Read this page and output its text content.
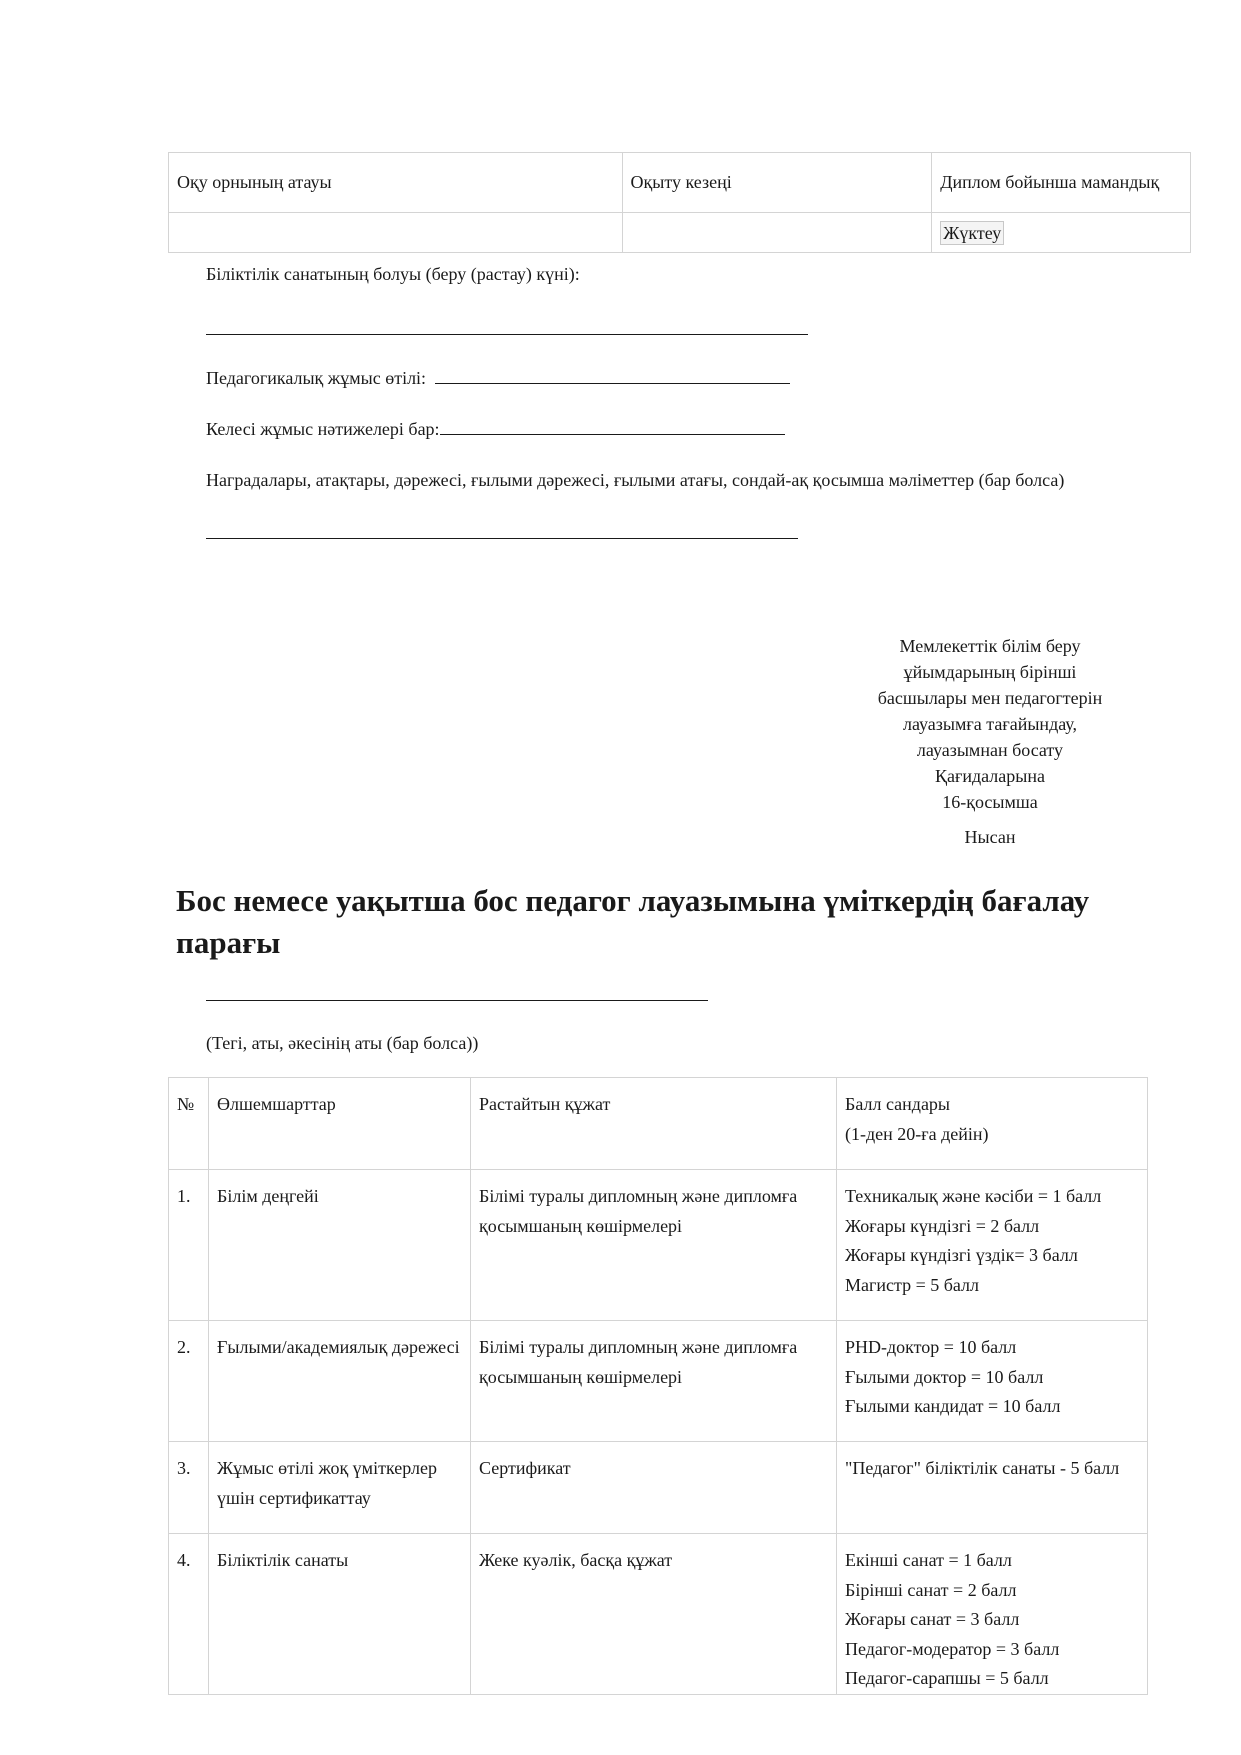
Оқу орнының атауы	Оқыту кезеңі	Диплом бойынша мамандық
		Жүктеу
Біліктілік санатының болуы (беру (растау) күні):
Педагогикалық жұмыс өтілі:
Келесі жұмыс нәтижелері бар:
Наградалары, атақтары, дәрежесі, ғылыми дәрежесі, ғылыми атағы, сондай-ақ қосымша мәліметтер (бар болса)
Мемлекеттік білім беру
ұйымдарының бірінші
басшылары мен педагогтерін
лауазымға тағайындау,
лауазымнан босату
Қағидаларына
16-қосымша
Нысан
Бос немесе уақытша бос педагог лауазымына үміткердің бағалау парағы
(Тегі, аты, әкесінің аты (бар болса))
№	Өлшемшарттар	Растайтын құжат	Балл сандары
(1-ден 20-ға дейін)

1.	Білім деңгейі	Білімі туралы дипломның және дипломға қосымшаның көшірмелері	Техникалық және кәсіби = 1 балл
Жоғары күндізгі = 2 балл
Жоғары күндізгі үздік= 3 балл
Магистр = 5 балл

2.	Ғылыми/академиялық дәрежесі	Білімі туралы дипломның және дипломға қосымшаның көшірмелері	PHD-доктор = 10 балл
Ғылыми доктор = 10 балл
Ғылыми кандидат = 10 балл

3.	Жұмыс өтілі жоқ үміткерлер үшін сертификаттау	Сертификат	"Педагог" біліктілік санаты - 5 балл

4.	Біліктілік санаты	Жеке куәлік, басқа құжат	Екінші санат = 1 балл
Бірінші санат = 2 балл
Жоғары санат = 3 балл
Педагог-модератор = 3 балл
Педагог-сарапшы = 5 балл
